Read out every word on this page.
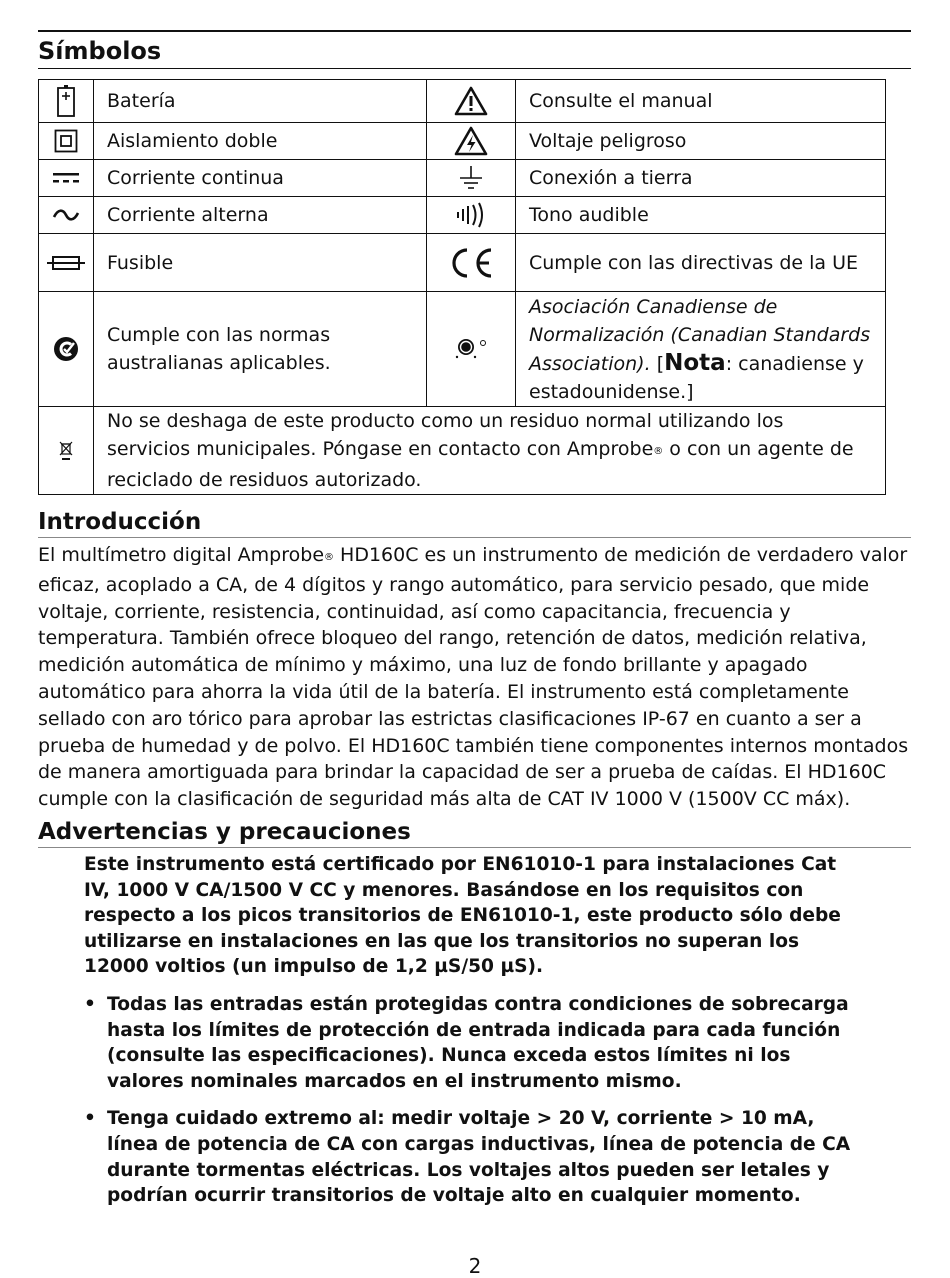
Símbolos
	Batería		Consulte el manual

	Aislamiento doble		Voltaje peligroso

	Corriente continua		Conexión a tierra

	Corriente alterna		Tono audible

	Fusible		Cumple con las directivas de la UE

	Cumple con las normas australianas aplicables.		Asociación Canadiense de Normalización (Canadian Standards Association). [Nota: canadiense y estadounidense.]

	No se deshaga de este producto como un residuo normal utilizando los servicios municipales. Póngase en contacto con Amprobe® o con un agente de reciclado de residuos autorizado.		
Introducción

El multímetro digital Amprobe® HD160C es un instrumento de medición de verdadero valor eficaz, acoplado a CA, de 4 dígitos y rango automático, para servicio pesado, que mide voltaje, corriente, resistencia, continuidad, así como capacitancia, frecuencia y temperatura. También ofrece bloqueo del rango, retención de datos, medición relativa, medición automática de mínimo y máximo, una luz de fondo brillante y apagado automático para ahorra la vida útil de la batería. El instrumento está completamente sellado con aro tórico para aprobar las estrictas clasificaciones IP-67 en cuanto a ser a prueba de humedad y de polvo. El HD160C también tiene componentes internos montados de manera amortiguada para brindar la capacidad de ser a prueba de caídas. El HD160C cumple con la clasificación de seguridad más alta de CAT IV 1000 V (1500V CC máx).

Advertencias y precauciones

Este instrumento está certificado por EN61010-1 para instalaciones Cat IV, 1000 V CA/1500 V CC y menores. Basándose en los requisitos con respecto a los picos transitorios de EN61010-1, este producto sólo debe utilizarse en instalaciones en las que los transitorios no superan los 12000 voltios (un impulso de 1,2 µS/50 µS).

• Todas las entradas están protegidas contra condiciones de sobrecarga hasta los límites de protección de entrada indicada para cada función (consulte las especificaciones). Nunca exceda estos límites ni los valores nominales marcados en el instrumento mismo.
• Tenga cuidado extremo al: medir voltaje > 20 V, corriente > 10 mA, línea de potencia de CA con cargas inductivas, línea de potencia de CA durante tormentas eléctricas. Los voltajes altos pueden ser letales y podrían ocurrir transitorios de voltaje alto en cualquier momento.
2
